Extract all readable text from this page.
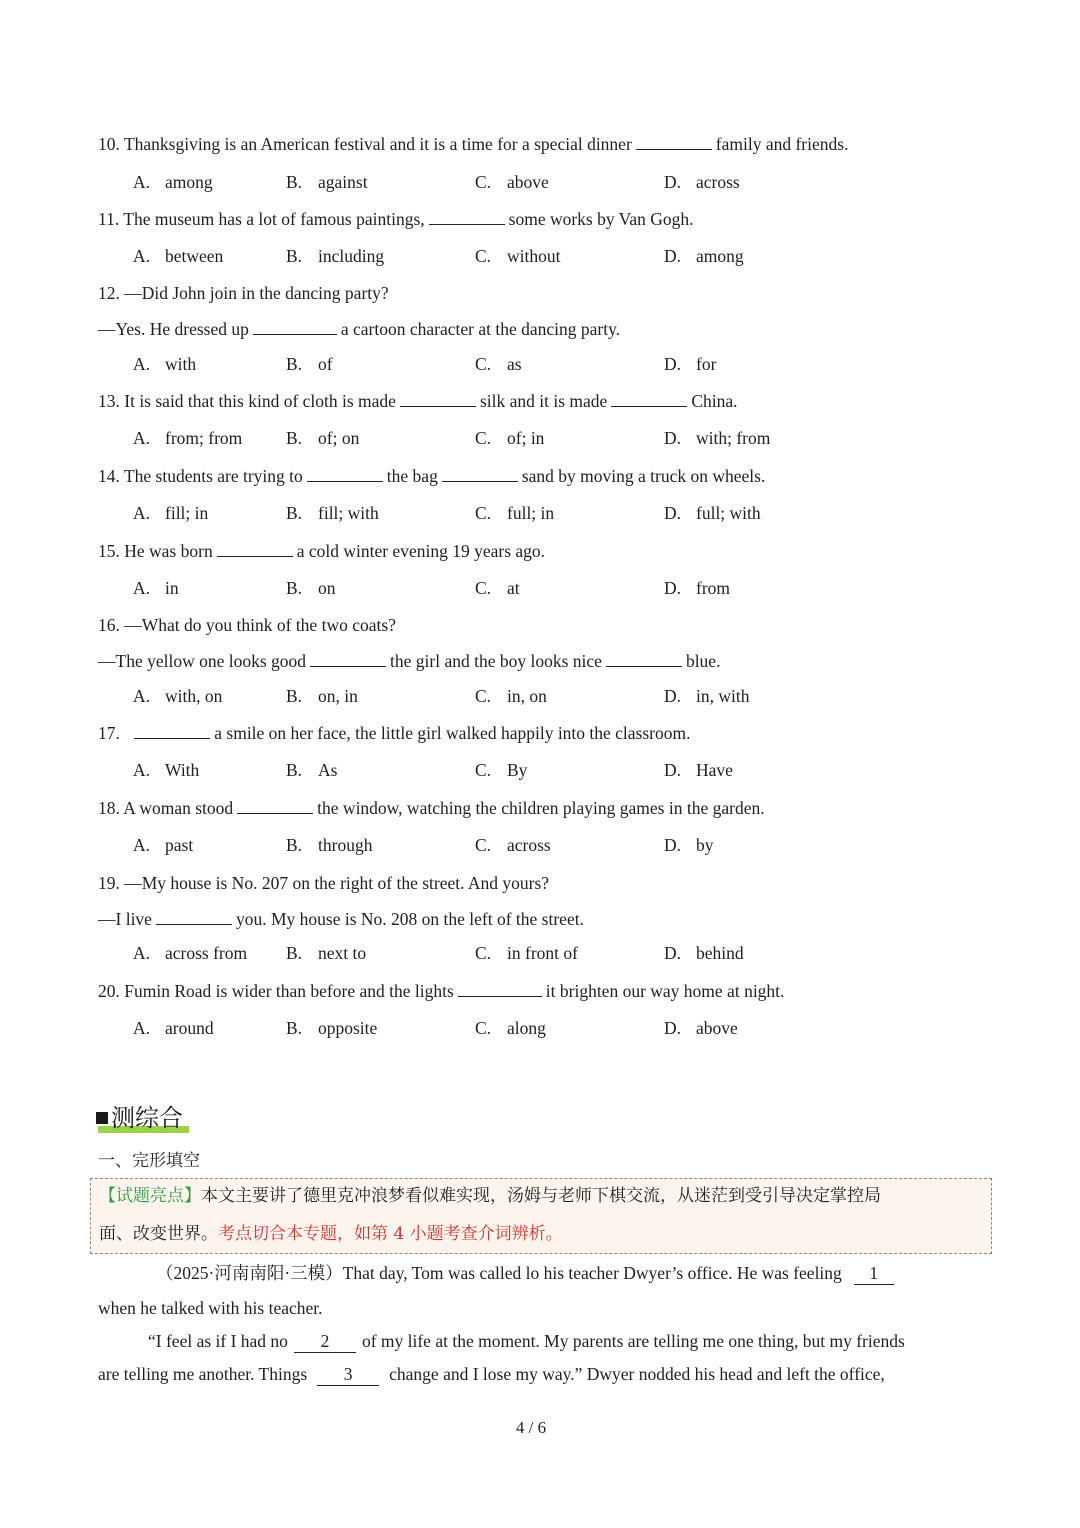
10. Thanksgiving is an American festival and it is a time for a special dinner	family and friends.
A. among	B. against	C. above	D. across
11. The museum has a lot of famous paintings,	some works by Van Gogh.
A. between	B. including	C. without	D. among
12. —Did John join in the dancing party?
—Yes. He dressed up	a cartoon character at the dancing party.
A. with	B. of	C. as	D. for
13. It is said that this kind of cloth is made	silk and it is made	China.
A. from; from B. of; on	C. of; in	D. with; from
14. The students are trying to	the bag	sand by moving a truck on wheels.
A. fill; in	B. fill; with	C. full; in	D. full; with
15. He was born	a cold winter evening 19 years ago.
A. in	B. on	C. at	D. from
16. —What do you think of the two coats?
—The yellow one looks good	the girl and the boy looks nice	blue.
A. with, on	B. on, in	C. in, on	D. in, with
17.	a smile on her face, the little girl walked happily into the classroom.
A. With	B. As	C. By	D. Have
18. A woman stood	the window, watching the children playing games in the garden.
A. past	B. through	C. across	D. by
19. —My house is No. 207 on the right of the street. And yours?
—I live	you. My house is No. 208 on the left of the street.
A. across from B. next to	C. in front of	D. behind
20. Fumin Road is wider than before and the lights	it brighten our way home at night.
A. around	B. opposite	C. along	D. above
测综合
一、完形填空
【试题亮点】本文主要讲了德里克冲浪梦看似难实现，汤姆与老师下棋交流，从迷茫到受引导决定掌控局
面、改变世界。考点切合本专题，如第 4 小题考查介词辨析。
（2025·河南南阳·三模）That day, Tom was called lo his teacher Dwyer’s office. He was feeling 1
when he talked with his teacher.
“I feel as if I had no 2 of my life at the moment. My parents are telling me one thing, but my friends
are telling me another. Things 3 change and I lose my way.” Dwyer nodded his head and left the office,
4 / 6
